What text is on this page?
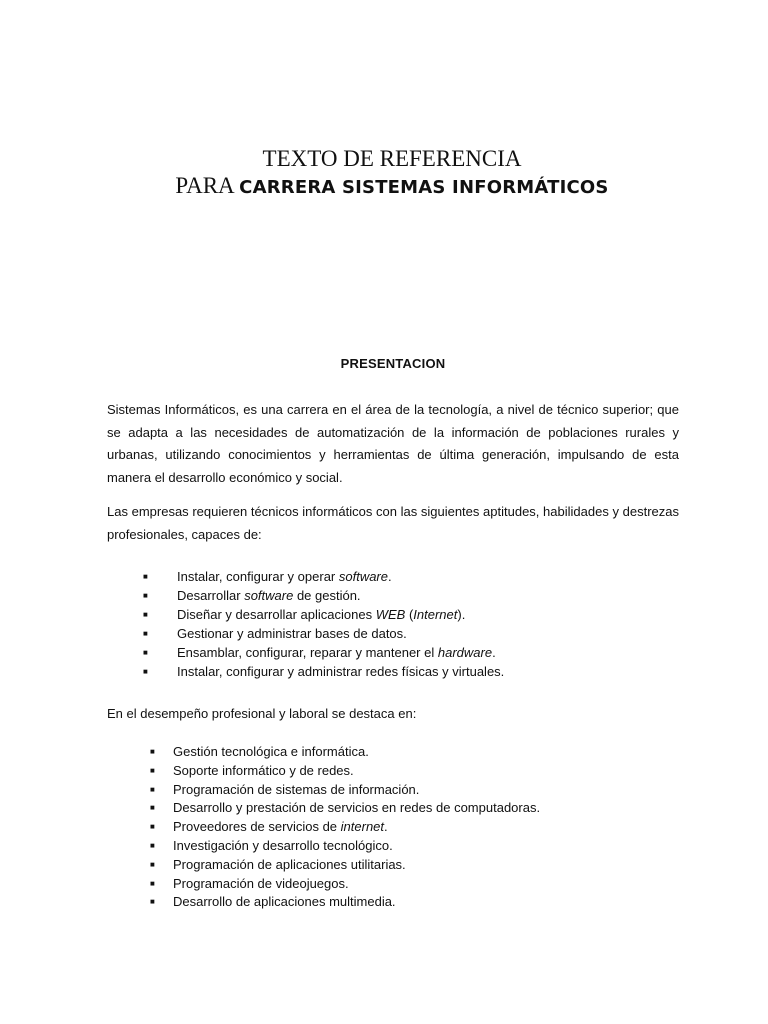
TEXTO DE REFERENCIA
PARA CARRERA SISTEMAS INFORMÁTICOS
PRESENTACION

Sistemas Informáticos, es una carrera en el área de la tecnología, a nivel de técnico superior; que se adapta a las necesidades de automatización de la información de poblaciones rurales y urbanas, utilizando conocimientos y herramientas de última generación, impulsando de esta manera el desarrollo económico y social.

Las empresas requieren técnicos informáticos con las siguientes aptitudes, habilidades y destrezas profesionales, capaces de:

■Instalar, configurar y operar software.
■Desarrollar software de gestión.
■Diseñar y desarrollar aplicaciones WEB (Internet).
■Gestionar y administrar bases de datos.
■Ensamblar, configurar, reparar y mantener el hardware.
■Instalar, configurar y administrar redes físicas y virtuales.

En el desempeño profesional y laboral se destaca en:

■Gestión tecnológica e informática.
■Soporte informático y de redes.
■Programación de sistemas de información.
■Desarrollo y prestación de servicios en redes de computadoras.
■Proveedores de servicios de internet.
■Investigación y desarrollo tecnológico.
■Programación de aplicaciones utilitarias.
■Programación de videojuegos.
■Desarrollo de aplicaciones multimedia.
